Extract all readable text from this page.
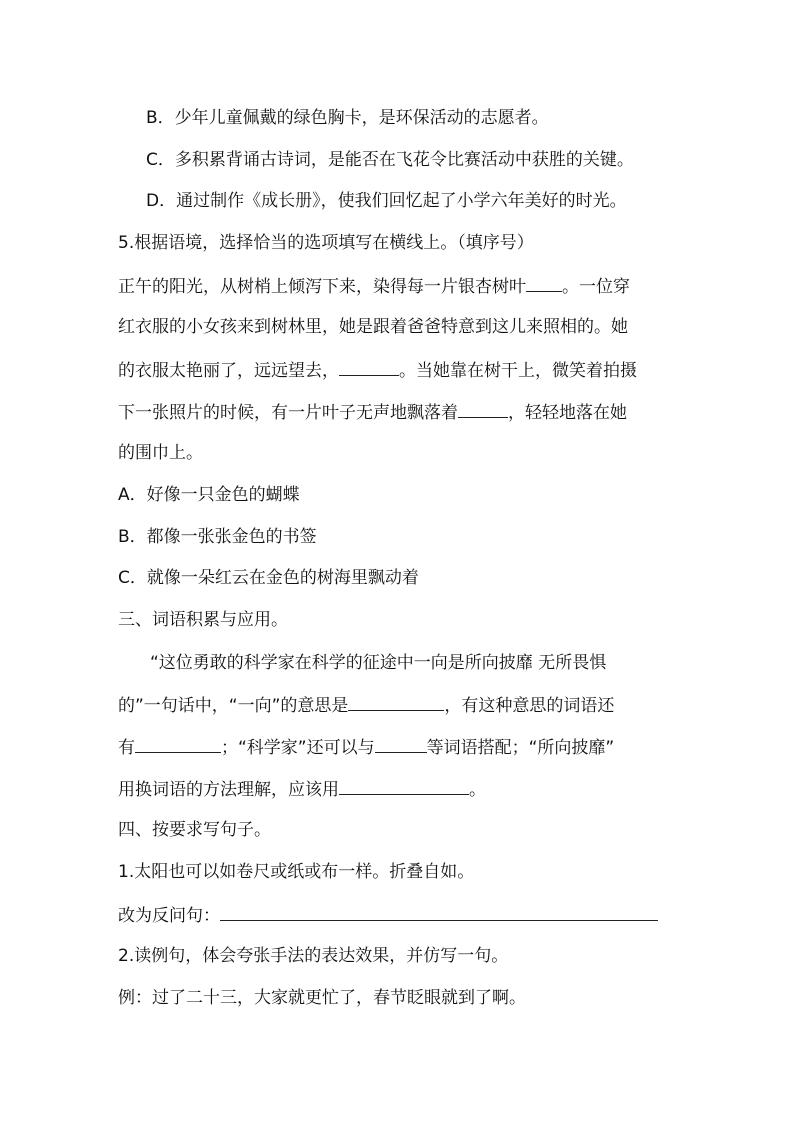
B．少年儿童佩戴的绿色胸卡，是环保活动的志愿者。
C．多积累背诵古诗词，是能否在飞花令比赛活动中获胜的关键。
D．通过制作《成长册》，使我们回忆起了小学六年美好的时光。
5.根据语境，选择恰当的选项填写在横线上。（填序号）
正午的阳光，从树梢上倾泻下来，染得每一片银杏树叶 。一位穿
红衣服的小女孩来到树林里，她是跟着爸爸特意到这儿来照相的。她
的衣服太艳丽了，远远望去，	。当她靠在树干上，微笑着拍摄
下一张照片的时候，有一片叶子无声地飘落着	，轻轻地落在她
的围巾上。
A．好像一只金色的蝴蝶
B．都像一张张金色的书签
C．就像一朵红云在金色的树海里飘动着
三、词语积累与应用。
“这位勇敢的科学家在科学的征途中一向是所向披靡 无所畏惧
的”一句话中，“一向”的意思是	，有这种意思的词语还
有	；“科学家”还可以与	等词语搭配；“所向披靡”
用换词语的方法理解，应该用	。
四、按要求写句子。
1.太阳也可以如卷尺或纸或布一样。折叠自如。
改为反问句：
2.读例句，体会夸张手法的表达效果，并仿写一句。
例：过了二十三，大家就更忙了，春节眨眼就到了啊。
